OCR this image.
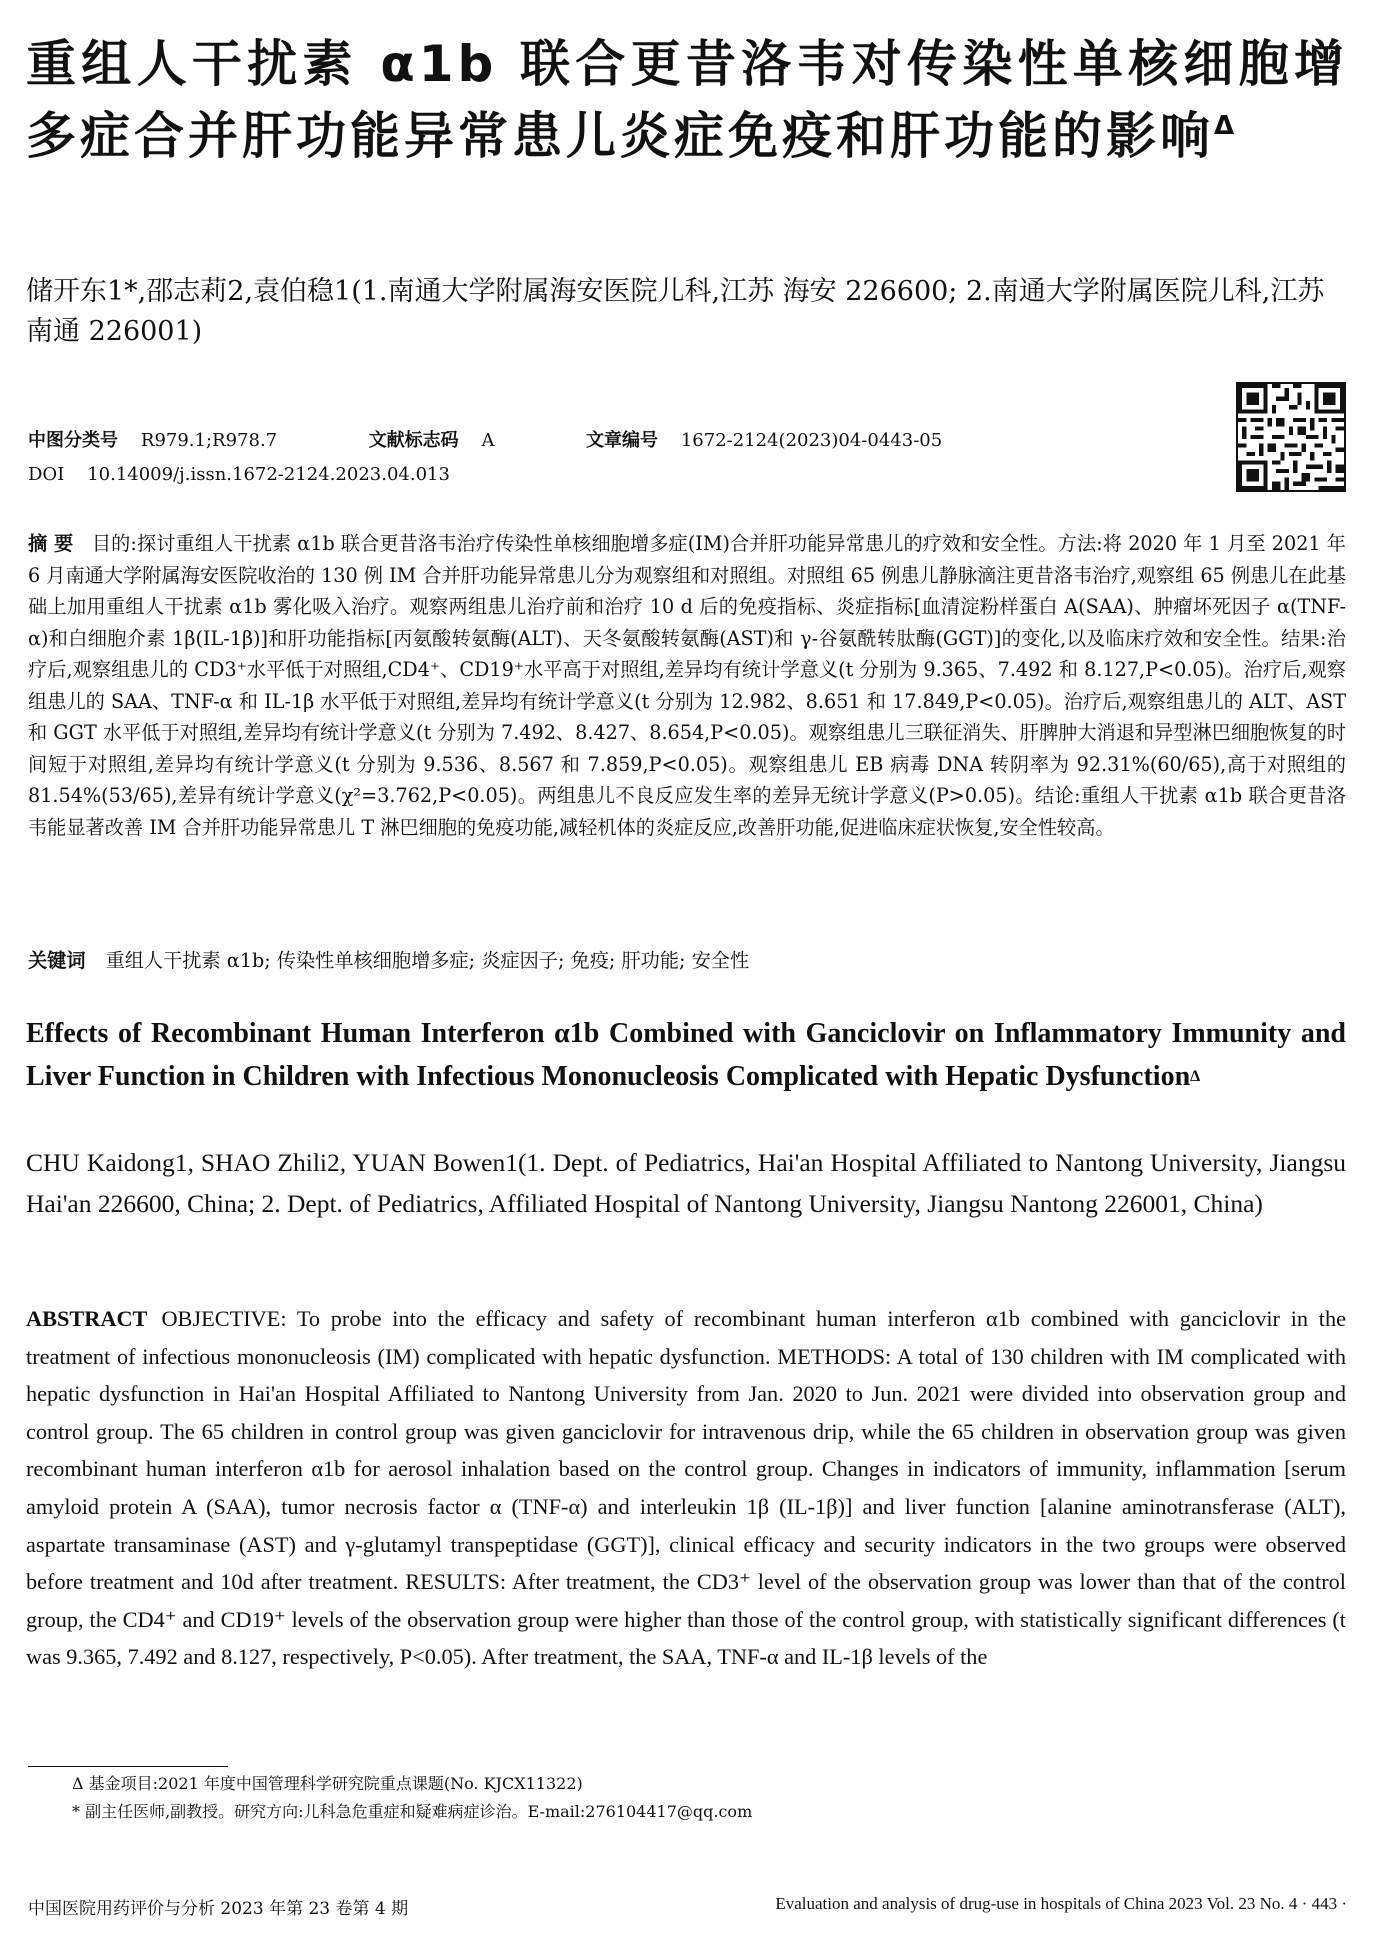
重组人干扰素 α1b 联合更昔洛韦对传染性单核细胞增多症合并肝功能异常患儿炎症免疫和肝功能的影响$^\Delta$
储开东1*,邵志莉2,袁伯稳1(1.南通大学附属海安医院儿科,江苏 海安 226600; 2.南通大学附属医院儿科,江苏 南通 226001)
中图分类号 R979.1;R978.7	文献标志码 A	文章编号 1672-2124(2023)04-0443-05
DOI 10.14009/j.issn.1672-2124.2023.04.013
摘 要 目的:探讨重组人干扰素 α1b 联合更昔洛韦治疗传染性单核细胞增多症(IM)合并肝功能异常患儿的疗效和安全性。方法:将 2020 年 1 月至 2021 年 6 月南通大学附属海安医院收治的 130 例 IM 合并肝功能异常患儿分为观察组和对照组。对照组 65 例患儿静脉滴注更昔洛韦治疗,观察组 65 例患儿在此基础上加用重组人干扰素 α1b 雾化吸入治疗。观察两组患儿治疗前和治疗 10 d 后的免疫指标、炎症指标[血清淀粉样蛋白 A(SAA)、肿瘤坏死因子 α(TNF-α)和白细胞介素 1β(IL-1β)]和肝功能指标[丙氨酸转氨酶(ALT)、天冬氨酸转氨酶(AST)和 γ-谷氨酰转肽酶(GGT)]的变化,以及临床疗效和安全性。结果:治疗后,观察组患儿的 CD3⁺水平低于对照组,CD4⁺、CD19⁺水平高于对照组,差异均有统计学意义(t 分别为 9.365、7.492 和 8.127,P<0.05)。治疗后,观察组患儿的 SAA、TNF-α 和 IL-1β 水平低于对照组,差异均有统计学意义(t 分别为 12.982、8.651 和 17.849,P<0.05)。治疗后,观察组患儿的 ALT、AST 和 GGT 水平低于对照组,差异均有统计学意义(t 分别为 7.492、8.427、8.654,P<0.05)。观察组患儿三联征消失、肝脾肿大消退和异型淋巴细胞恢复的时间短于对照组,差异均有统计学意义(t 分别为 9.536、8.567 和 7.859,P<0.05)。观察组患儿 EB 病毒 DNA 转阴率为 92.31%(60/65),高于对照组的 81.54%(53/65),差异有统计学意义(χ²=3.762,P<0.05)。两组患儿不良反应发生率的差异无统计学意义(P>0.05)。结论:重组人干扰素 α1b 联合更昔洛韦能显著改善 IM 合并肝功能异常患儿 T 淋巴细胞的免疫功能,减轻机体的炎症反应,改善肝功能,促进临床症状恢复,安全性较高。
关键词 重组人干扰素 α1b; 传染性单核细胞增多症; 炎症因子; 免疫; 肝功能; 安全性
Effects of Recombinant Human Interferon α1b Combined with Ganciclovir on Inflammatory Immunity and Liver Function in Children with Infectious Mononucleosis Complicated with Hepatic Dysfunction$^\Delta$
CHU Kaidong1, SHAO Zhili2, YUAN Bowen1(1. Dept. of Pediatrics, Hai'an Hospital Affiliated to Nantong University, Jiangsu Hai'an 226600, China; 2. Dept. of Pediatrics, Affiliated Hospital of Nantong University, Jiangsu Nantong 226001, China)
ABSTRACT OBJECTIVE: To probe into the efficacy and safety of recombinant human interferon α1b combined with ganciclovir in the treatment of infectious mononucleosis (IM) complicated with hepatic dysfunction. METHODS: A total of 130 children with IM complicated with hepatic dysfunction in Hai'an Hospital Affiliated to Nantong University from Jan. 2020 to Jun. 2021 were divided into observation group and control group. The 65 children in control group was given ganciclovir for intravenous drip, while the 65 children in observation group was given recombinant human interferon α1b for aerosol inhalation based on the control group. Changes in indicators of immunity, inflammation [serum amyloid protein A (SAA), tumor necrosis factor α (TNF-α) and interleukin 1β (IL-1β)] and liver function [alanine aminotransferase (ALT), aspartate transaminase (AST) and γ-glutamyl transpeptidase (GGT)], clinical efficacy and security indicators in the two groups were observed before treatment and 10d after treatment. RESULTS: After treatment, the CD3⁺ level of the observation group was lower than that of the control group, the CD4⁺ and CD19⁺ levels of the observation group were higher than those of the control group, with statistically significant differences (t was 9.365, 7.492 and 8.127, respectively, P<0.05). After treatment, the SAA, TNF-α and IL-1β levels of the
Δ 基金项目:2021 年度中国管理科学研究院重点课题(No. KJCX11322)
* 副主任医师,副教授。研究方向:儿科急危重症和疑难病症诊治。E-mail:276104417@qq.com
中国医院用药评价与分析 2023 年第 23 卷第 4 期	Evaluation and analysis of drug-use in hospitals of China 2023 Vol. 23 No. 4 · 443 ·
